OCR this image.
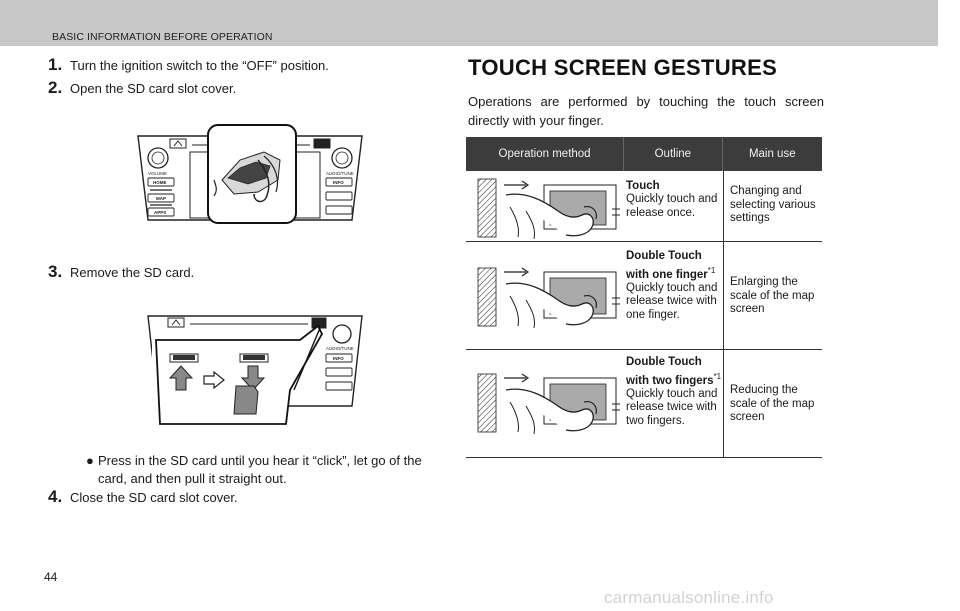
BASIC INFORMATION BEFORE OPERATION
1. Turn the ignition switch to the “OFF” position.
2. Open the SD card slot cover.
VOLUME
HOME
MAP
APPS
AUDIO/TUNE
INFO
3. Remove the SD card.
AUDIO/TUNE
INFO
● Press in the SD card until you hear it “click”, let go of the card, and then pull it straight out.
4. Close the SD card slot cover.
TOUCH SCREEN GESTURES
Operations are performed by touching the touch screen directly with your finger.
Operation method	Outline	Main use
Touch
Quickly touch and release once.
Changing and selecting various settings
Double Touch with one finger$^{*1}$
Quickly touch and release twice with one finger.
Enlarging the scale of the map screen
Double Touch with two fingers$^{*1}$
Quickly touch and release twice with two fingers.
Reducing the scale of the map screen
44
carmanualsonline.info
